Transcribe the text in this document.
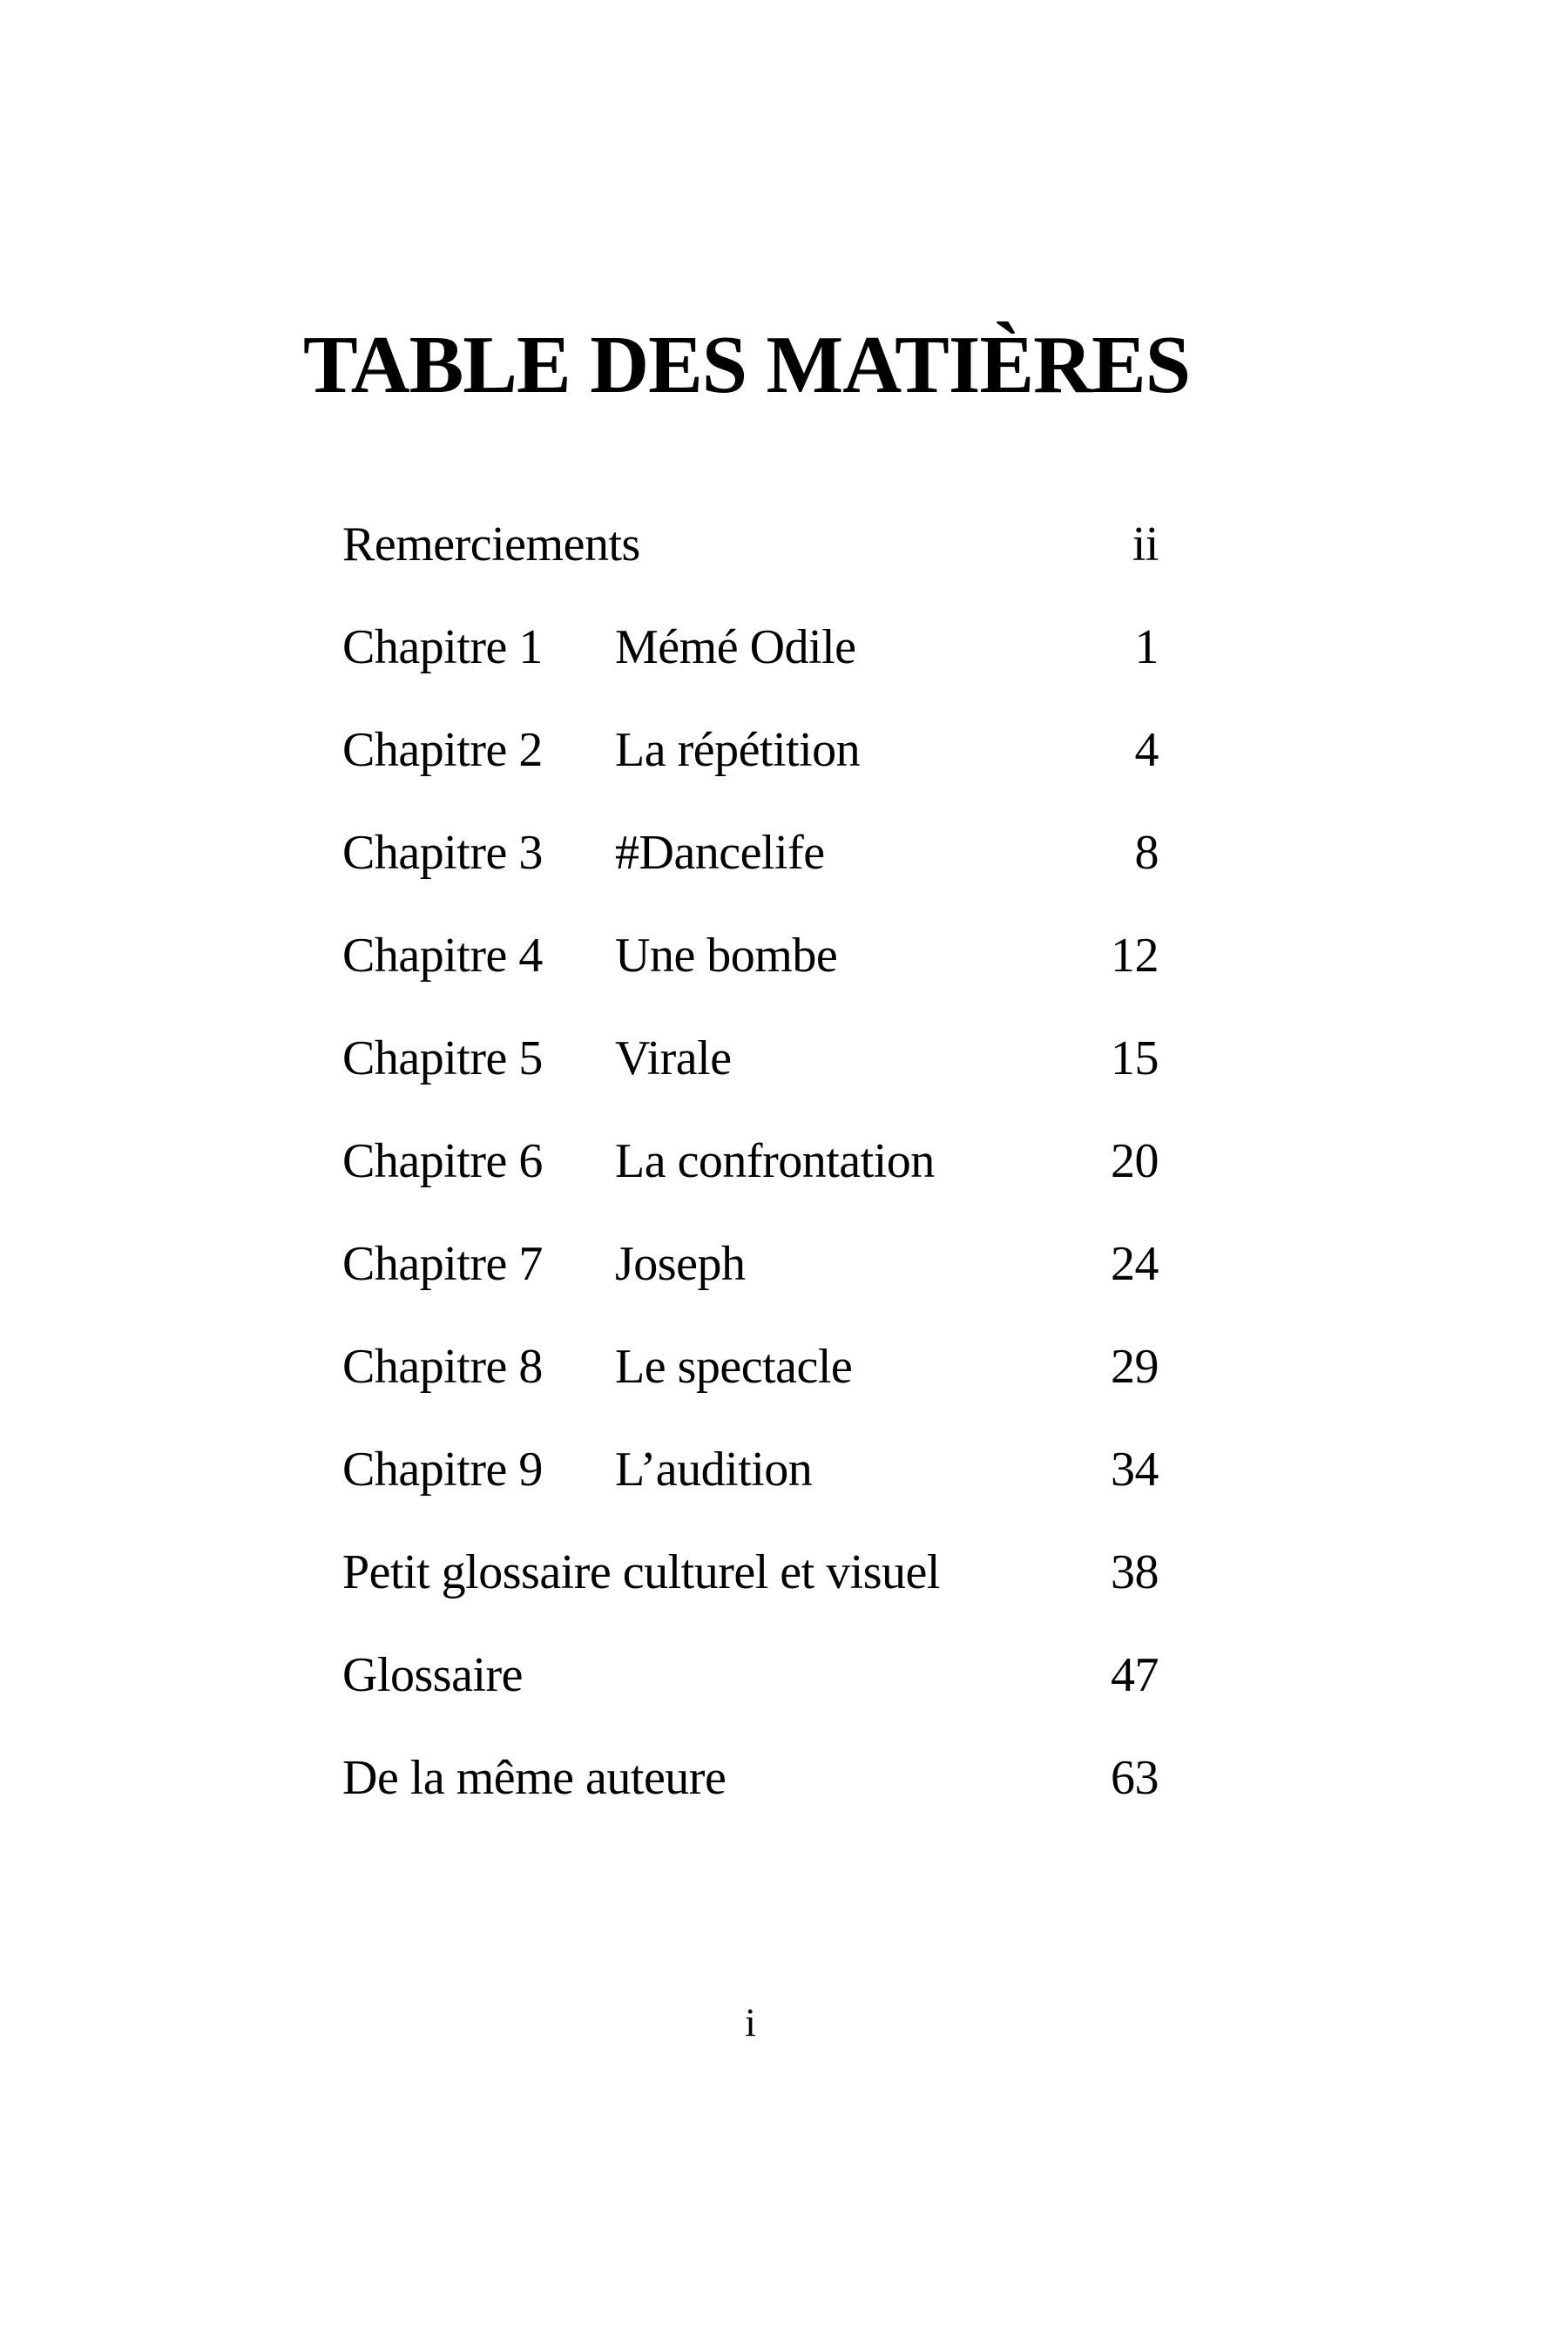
TABLE DES MATIÈRES
Remerciements	ii
Chapitre 1 Mémé Odile	1
Chapitre 2 La répétition	4
Chapitre 3 #Dancelife	8
Chapitre 4 Une bombe	12
Chapitre 5 Virale	15
Chapitre 6 La confrontation	20
Chapitre 7 Joseph	24
Chapitre 8 Le spectacle	29
Chapitre 9 L’audition	34
Petit glossaire culturel et visuel	38
Glossaire	47
De la même auteure	63
i
